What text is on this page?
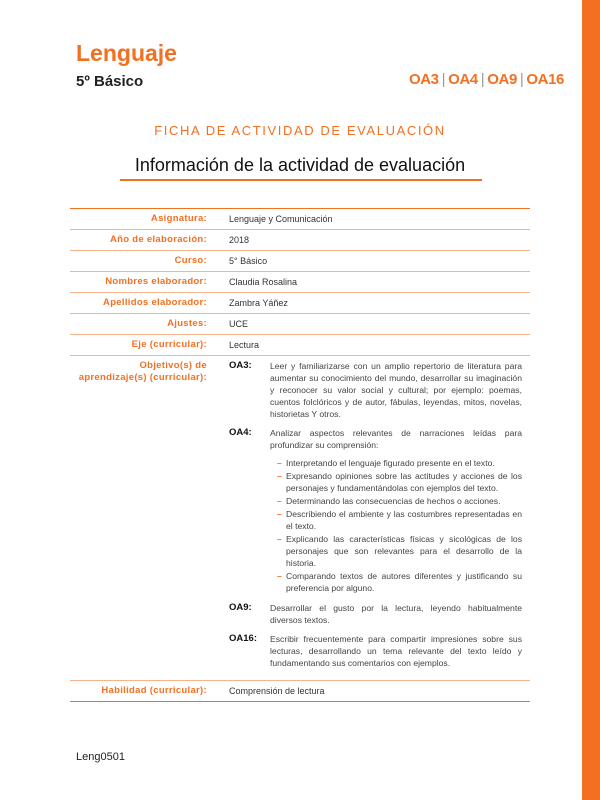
Lenguaje
5º Básico	OA3 | OA4 | OA9 | OA16
FICHA DE ACTIVIDAD DE EVALUACIÓN
Información de la actividad de evaluación
Asignatura:	Lenguaje y Comunicación
Año de elaboración:	2018
Curso:	5° Básico
Nombres elaborador:	Claudia Rosalina
Apellidos elaborador:	Zambra Yáñez
Ajustes:	UCE
Eje (curricular):	Lectura
Objetivo(s) de aprendizaje(s) (curricular):
OA3:	Leer y familiarizarse con un amplio repertorio de literatura para aumentar su conocimiento del mundo, desarrollar su imaginación y reconocer su valor social y cultural; por ejemplo: poemas, cuentos folclóricos y de autor, fábulas, leyendas, mitos, novelas, historietas Y otros.
OA4:	Analizar aspectos relevantes de narraciones leídas para profundizar su comprensión:
– Interpretando el lenguaje figurado presente en el texto.
– Expresando opiniones sobre las actitudes y acciones de los personajes y fundamentándolas con ejemplos del texto.
– Determinando las consecuencias de hechos o acciones.
– Describiendo el ambiente y las costumbres representadas en el texto.
– Explicando las características físicas y sicológicas de los personajes que son relevantes para el desarrollo de la historia.
– Comparando textos de autores diferentes y justificando su preferencia por alguno.
OA9:	Desarrollar el gusto por la lectura, leyendo habitualmente diversos textos.
OA16:	Escribir frecuentemente para compartir impresiones sobre sus lecturas, desarrollando un tema relevante del texto leído y fundamentando sus comentarios con ejemplos.
Habilidad (curricular):	Comprensión de lectura
Leng0501
